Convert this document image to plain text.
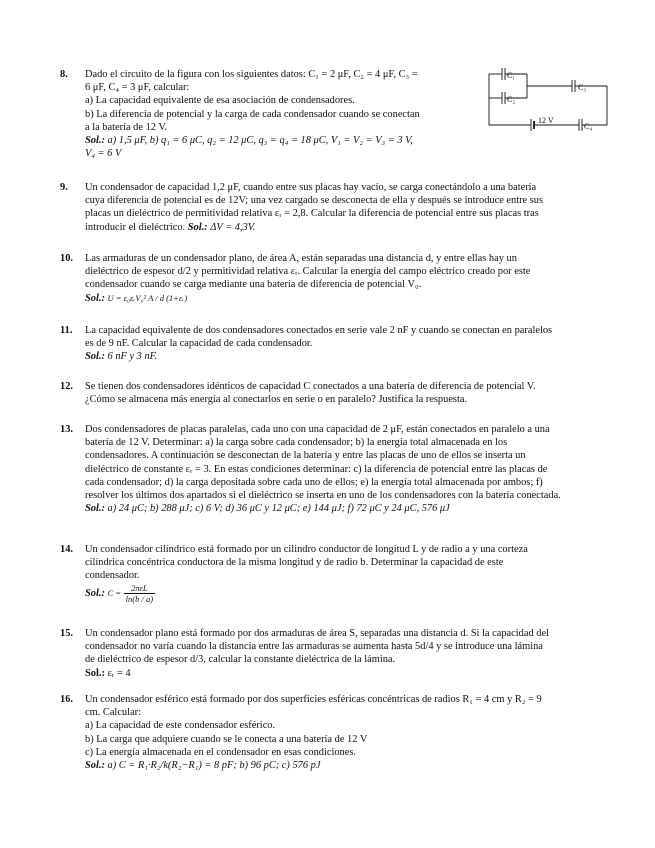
8. Dado el circuito de la figura con los siguientes datos: C₁ = 2 μF, C₂ = 4 μF, C₃ =
6 μF, C₄ = 3 μF, calcular:
a) La capacidad equivalente de esa asociación de condensadores.
b) La diferencia de potencial y la carga de cada condensador cuando se conectan
a la batería de 12 V.
Sol.: a) 1,5 μF, b) q₁ = 6 μC, q₂ = 12 μC, q₃ = q₄ = 18 μC, V₁ = V₂ = V₃ = 3 V,
V₄ = 6 V
C₁
C₂
C₃
12 V
C₄
9. Un condensador de capacidad 1,2 μF, cuando entre sus placas hay vacío, se carga conectándolo a una batería
cuya diferencia de potencial es de 12V; una vez cargado se desconecta de ella y después se introduce entre sus
placas un dieléctrico de permitividad relativa εᵣ = 2,8. Calcular la diferencia de potencial entre sus placas tras
introducir el dieléctrico. Sol.: ΔV = 4,3V.
10. Las armaduras de un condensador plano, de área A, están separadas una distancia d, y entre ellas hay un
dieléctrico de espesor d/2 y permitividad relativa εᵣ. Calcular la energía del campo eléctrico creado por este
condensador cuando se carga mediante una batería de diferencia de potencial V₀.
Sol.: U = ε₀εᵣV₀² A / d (1+εᵣ)
11. La capacidad equivalente de dos condensadores conectados en serie vale 2 nF y cuando se conectan en paralelos
es de 9 nF. Calcular la capacidad de cada condensador.
Sol.: 6 nF y 3 nF.
12. Se tienen dos condensadores idénticos de capacidad C conectados a una batería de diferencia de potencial V.
¿Cómo se almacena más energía al conectarlos en serie o en paralelo? Justifica la respuesta.
13. Dos condensadores de placas paralelas, cada uno con una capacidad de 2 μF, están conectados en paralelo a una
batería de 12 V. Determinar: a) la carga sobre cada condensador; b) la energía total almacenada en los
condensadores. A continuación se desconectan de la batería y entre las placas de uno de ellos se inserta un
dieléctrico de constante εᵣ = 3. En estas condiciones determinar: c) la diferencia de potencial entre las placas de
cada condensador; d) la carga depositada sobre cada uno de ellos; e) la energía total almacenada por ambos; f)
resolver los últimos dos apartados si el dieléctrico se inserta en uno de los condensadores con la batería conectada.
Sol.: a) 24 μC; b) 288 μJ; c) 6 V; d) 36 μC y 12 μC; e) 144 μJ; f) 72 μC y 24 μC, 576 μJ
14. Un condensador cilíndrico está formado por un cilindro conductor de longitud L y de radio a y una corteza
cilíndrica concéntrica conductora de la misma longitud y de radio b. Determinar la capacidad de este
condensador.
Sol.: $C = \frac{\text{2πεL}}{\ln(b / a)}$
15. Un condensador plano está formado por dos armaduras de área S, separadas una distancia d. Si la capacidad del
condensador no varía cuando la distancia entre las armaduras se aumenta hasta 5d/4 y se introduce una lámina
de dieléctrico de espesor d/3, calcular la constante dieléctrica de la lámina.
Sol.: εᵣ = 4
16. Un condensador esférico está formado por dos superficies esféricas concéntricas de radios R₁ = 4 cm y R₂ = 9
cm. Calcular:
a) La capacidad de este condensador esférico.
b) La carga que adquiere cuando se le conecta a una batería de 12 V
c) La energía almacenada en el condensador en esas condiciones.
Sol.: a) C = R₁·R₂/k(R₂−R₁) = 8 pF; b) 96 pC; c) 576 pJ
